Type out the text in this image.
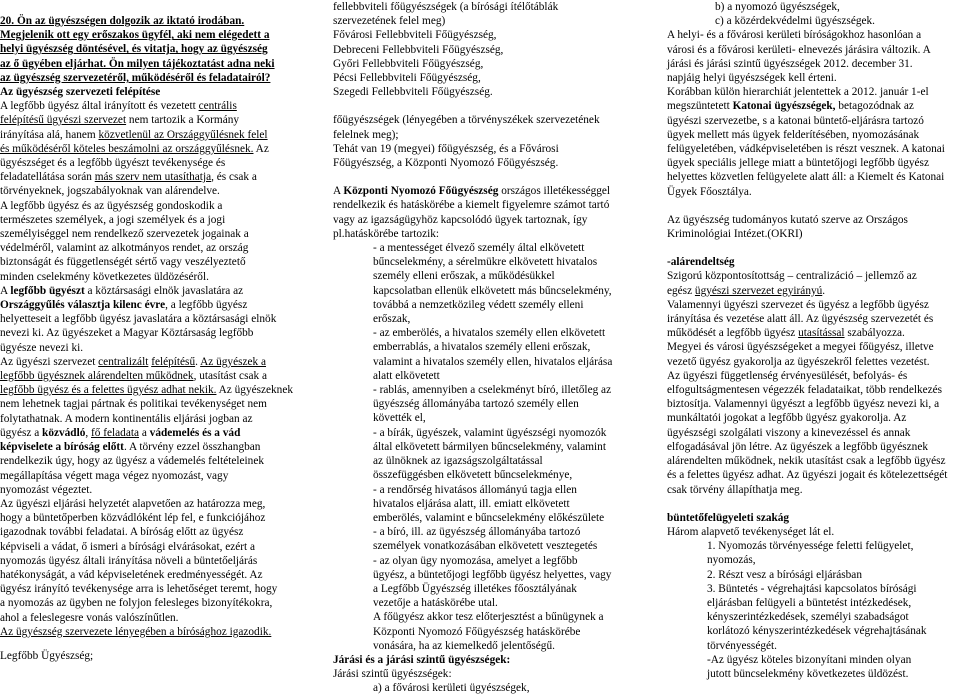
20. Ön az ügyészségen dolgozik az iktató irodában.

Megjelenik ott egy erőszakos ügyfél, aki nem elégedett a

helyi ügyészség döntésével, és vitatja, hogy az ügyészség

az ő ügyében eljárhat. Ön milyen tájékoztatást adna neki

az ügyészség szervezetéről, működéséről és feladatairól?

Az ügyészség szervezeti felépítése

A legfőbb ügyész által irányított és vezetett centrális

felépítésű ügyészi szervezet nem tartozik a Kormány

irányítása alá, hanem közvetlenül az Országgyűlésnek felel

és működéséről köteles beszámolni az országgyűlésnek. Az

ügyészséget és a legfőbb ügyészt tevékenysége és

feladatellátása során más szerv nem utasíthatja, és csak a

törvényeknek, jogszabályoknak van alárendelve.

A legfőbb ügyész és az ügyészség gondoskodik a

természetes személyek, a jogi személyek és a jogi

személyiséggel nem rendelkező szervezetek jogainak a

védelméről, valamint az alkotmányos rendet, az ország

biztonságát és függetlenségét sértő vagy veszélyeztető

minden cselekmény következetes üldözéséről.

A legfőbb ügyészt a köztársasági elnök javaslatára az

Országgyűlés választja kilenc évre, a legfőbb ügyész

helyetteseit a legfőbb ügyész javaslatára a köztársasági elnök

nevezi ki. Az ügyészeket a Magyar Köztársaság legfőbb

ügyésze nevezi ki.

Az ügyészi szervezet centralizált felépítésű. Az ügyészek a

legfőbb ügyésznek alárendelten működnek, utasítást csak a

legfőbb ügyész és a felettes ügyész adhat nekik. Az ügyészeknek

nem lehetnek tagjai pártnak és politikai tevékenységet nem

folytathatnak. A modern kontinentális eljárási jogban az

ügyész a közvádló, fő feladata a vádemelés és a vád

képviselete a bíróság előtt. A törvény ezzel összhangban

rendelkezik úgy, hogy az ügyész a vádemelés feltételeinek

megállapítása végett maga végez nyomozást, vagy

nyomozást végeztet.

Az ügyészi eljárási helyzetét alapvetően az határozza meg,

hogy a büntetőperben közvádlóként lép fel, e funkciójához

igazodnak további feladatai. A bíróság előtt az ügyész

képviseli a vádat, ő ismeri a bírósági elvárásokat, ezért a

nyomozás ügyész általi irányítása növeli a büntetőeljárás

hatékonyságát, a vád képviseletének eredményességét. Az

ügyész irányító tevékenysége arra is lehetőséget teremt, hogy

a nyomozás az ügyben ne folyjon felesleges bizonyítékokra,

ahol a feleslegesre vonás valószínűtlen.

Az ügyészség szervezete lényegében a bírósághoz igazodik.

Legfőbb Ügyészség;

fellebbviteli főügyészségek (a bírósági ítélőtáblák

szervezetének felel meg)

Fővárosi Fellebbviteli Főügyészség,

Debreceni Fellebbviteli Főügyészség,

Győri Fellebbviteli Főügyészség,

Pécsi Fellebbviteli Főügyészség,

Szegedi Fellebbviteli Főügyészség.

főügyészségek (lényegében a törvényszékek szervezetének

felelnek meg);

Tehát van 19 (megyei) főügyészség, és a Fővárosi

Főügyészség, a Központi Nyomozó Főügyészség.

A Központi Nyomozó Főügyészség országos illetékességgel

rendelkezik és hatáskörébe a kiemelt figyelemre számot tartó

vagy az igazságügyhöz kapcsolódó ügyek tartoznak, így

pl.hatáskörébe tartozik:

- a mentességet élvező személy által elkövetett

bűncselekmény, a sérelmükre elkövetett hivatalos

személy elleni erőszak, a működésükkel

kapcsolatban ellenük elkövetett más bűncselekmény,

továbbá a nemzetközileg védett személy elleni

erőszak,

- az emberölés, a hivatalos személy ellen elkövetett

emberrablás, a hivatalos személy elleni erőszak,

valamint a hivatalos személy ellen, hivatalos eljárása

alatt elkövetett

- rablás, amennyiben a cselekményt bíró, illetőleg az

ügyészség állományába tartozó személy ellen

követték el,

- a bírák, ügyészek, valamint ügyészségi nyomozók

által elkövetett bármilyen bűncselekmény, valamint

az ülnöknek az igazságszolgáltatással

összefüggésben elkövetett bűncselekménye,

- a rendőrség hivatásos állományú tagja ellen

hivatalos eljárása alatt, ill. emiatt elkövetett

emberölés, valamint e bűncselekmény előkészülete

- a bíró, ill. az ügyészség állományába tartozó

személyek vonatkozásában elkövetett vesztegetés

- az olyan ügy nyomozása, amelyet a legfőbb

ügyész, a büntetőjogi legfőbb ügyész helyettes, vagy

a Legfőbb Ügyészség illetékes főosztályának

vezetője a hatáskörébe utal.

A főügyész akkor tesz előterjesztést a bűnügynek a

Központi Nyomozó Főügyészség hatáskörébe

vonására, ha az kiemelkedő jelentőségű.

Járási és a járási szintű ügyészségek:

Járási szintű ügyészségek:

a) a fővárosi kerületi ügyészségek,

b) a nyomozó ügyészségek,

c) a közérdekvédelmi ügyészségek.

A helyi- és a fővárosi kerületi bíróságokhoz hasonlóan a

városi és a fővárosi kerületi- elnevezés járásira változik. A

járási és járási szintű ügyészségek 2012. december 31.

napjáig helyi ügyészségek kell érteni.

Korábban külön hierarchiát jelentettek a 2012. január 1-el

megszüntetett Katonai ügyészségek, betagozódnak az

ügyészi szervezetbe, s a katonai büntető-eljárásra tartozó

ügyek mellett más ügyek felderítésében, nyomozásának

felügyeletében, vádképviseletében is részt vesznek. A katonai

ügyek speciális jellege miatt a büntetőjogi legfőbb ügyész

helyettes közvetlen felügyelete alatt áll: a Kiemelt és Katonai

Ügyek Főosztálya.

Az ügyészség tudományos kutató szerve az Országos

Kriminológiai Intézet.(OKRI)

-alárendeltség

Szigorú központosítottság – centralizáció – jellemző az

egész ügyészi szervezet egyirányú.

Valamennyi ügyészi szervezet és ügyész a legfőbb ügyész

irányítása és vezetése alatt áll. Az ügyészség szervezetét és

működését a legfőbb ügyész utasítással szabályozza.

Megyei és városi ügyészségeket a megyei főügyész, illetve

vezető ügyész gyakorolja az ügyészekről felettes vezetést.

Az ügyészi függetlenség érvényesülését, befolyás- és

elfogultságmentesen végezzék feladataikat, több rendelkezés

biztosítja. Valamennyi ügyészt a legfőbb ügyész nevezi ki, a

munkáltatói jogokat a legfőbb ügyész gyakorolja. Az

ügyészségi szolgálati viszony a kinevezéssel és annak

elfogadásával jön létre. Az ügyészek a legfőbb ügyésznek

alárendelten működnek, nekik utasítást csak a legfőbb ügyész

és a felettes ügyész adhat. Az ügyészi jogait és kötelezettségét

csak törvény állapíthatja meg.

büntetőfelügyeleti szakág

Három alapvető tevékenységet lát el.

1. Nyomozás törvényessége feletti felügyelet,

nyomozás,

2. Részt vesz a bírósági eljárásban

3. Büntetés - végrehajtási kapcsolatos bírósági

eljárásban felügyeli a büntetést intézkedések,

kényszerintézkedések, személyi szabadságot

korlátozó kényszerintézkedések végrehajtásának

törvényességét.

-Az ügyész köteles bizonyítani minden olyan

jutott büncselekmény következetes üldözést.
